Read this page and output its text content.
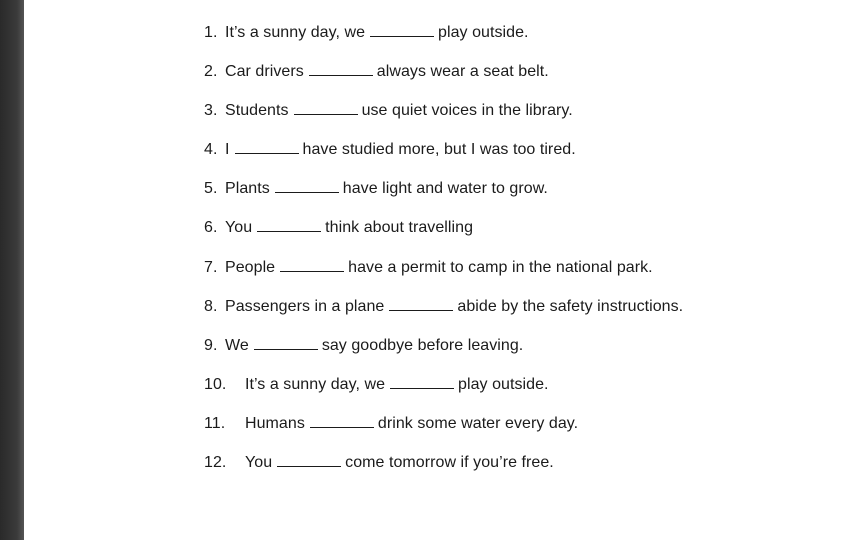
1. It’s a sunny day, we	play outside.
2. Car drivers	always wear a seat belt.
3. Students	use quiet voices in the library.
4. I	have studied more, but I was too tired.
5. Plants	have light and water to grow.
6. You	think about travelling
7. People	have a permit to camp in the national park.
8. Passengers in a plane	abide by the safety instructions.
9. We	say goodbye before leaving.
10. It’s a sunny day, we	play outside.
11. Humans	drink some water every day.
12. You	come tomorrow if you’re free.
